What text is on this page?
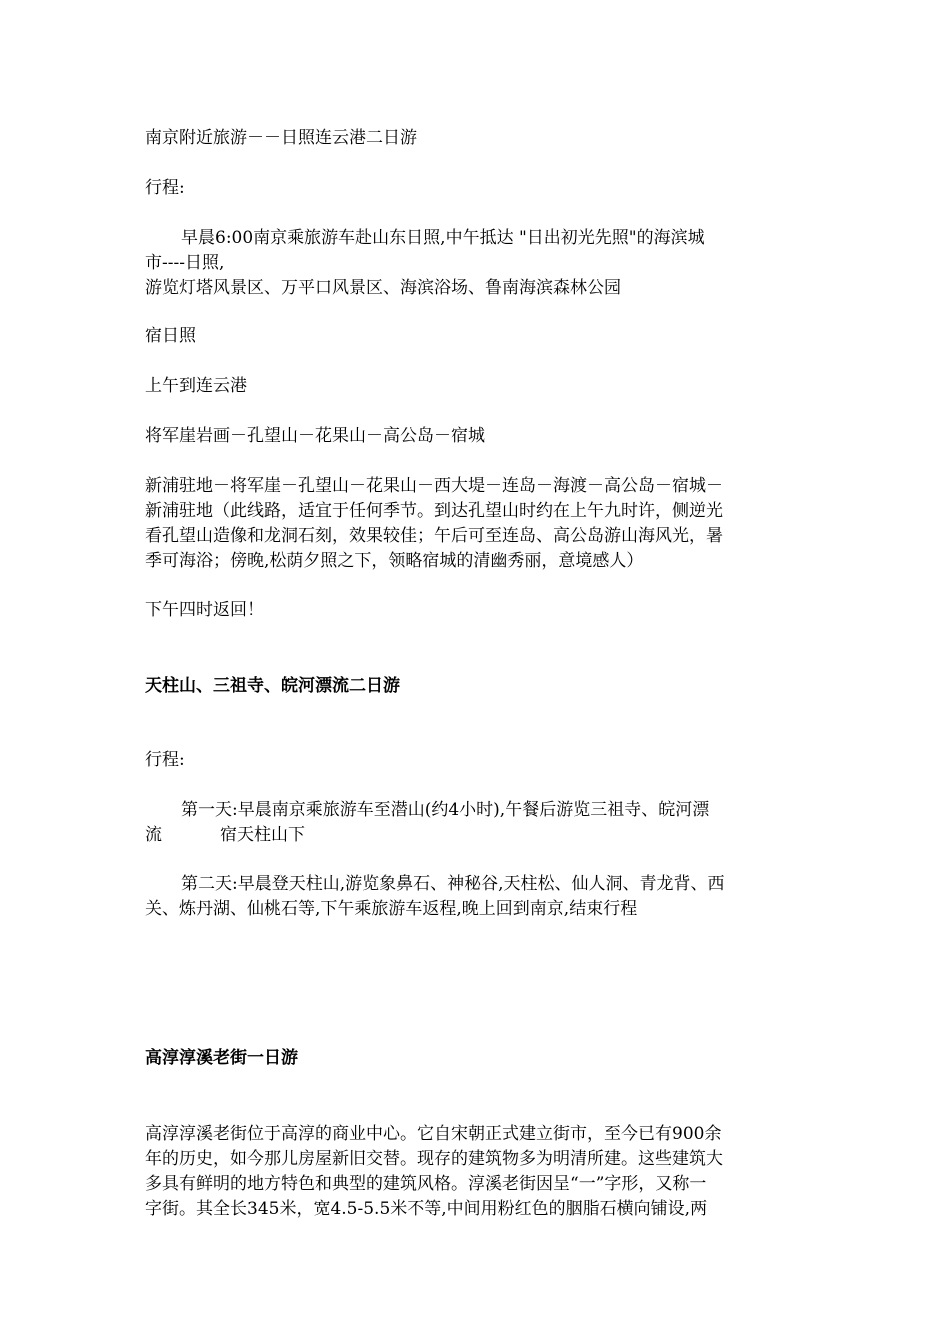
南京附近旅游－－日照连云港二日游
行程:
早晨6:00南京乘旅游车赴山东日照,中午抵达 "日出初光先照"的海滨城
市----日照,
游览灯塔风景区、万平口风景区、海滨浴场、鲁南海滨森林公园
宿日照
上午到连云港
将军崖岩画－孔望山－花果山－高公岛－宿城
新浦驻地－将军崖－孔望山－花果山－西大堤－连岛－海渡－高公岛－宿城－
新浦驻地（此线路，适宜于任何季节。到达孔望山时约在上午九时许，侧逆光
看孔望山造像和龙洞石刻，效果较佳；午后可至连岛、高公岛游山海风光，暑
季可海浴；傍晚,松荫夕照之下，领略宿城的清幽秀丽，意境感人）
下午四时返回！
天柱山、三祖寺、皖河漂流二日游
行程:
第一天:早晨南京乘旅游车至潜山(约4小时),午餐后游览三祖寺、皖河漂
流	宿天柱山下
第二天:早晨登天柱山,游览象鼻石、神秘谷,天柱松、仙人洞、青龙背、西
关、炼丹湖、仙桃石等,下午乘旅游车返程,晚上回到南京,结束行程
高淳淳溪老街一日游
高淳淳溪老街位于高淳的商业中心。它自宋朝正式建立街市，至今已有900余
年的历史，如今那儿房屋新旧交替。现存的建筑物多为明清所建。这些建筑大
多具有鲜明的地方特色和典型的建筑风格。淳溪老街因呈“一”字形，又称一
字街。其全长345米，宽4.5-5.5米不等,中间用粉红色的胭脂石横向铺设,两
